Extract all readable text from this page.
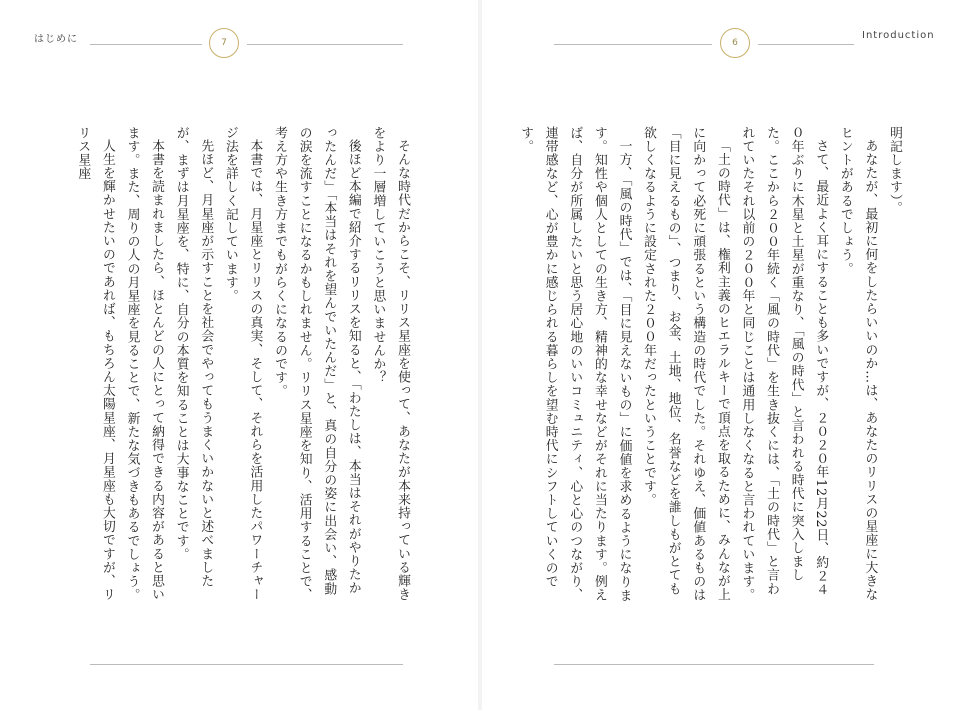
はじめに	7

そんな時代だからこそ、リリス星座を使って、あなたが本来持っている輝きをより一層増していこうと思いませんか？

後ほど本編で紹介するリリスを知ると、「わたしは、本当はそれがやりたかったんだ」「本当はそれを望んでいたんだ」と、真の自分の姿に出会い、感動の涙を流すことになるかもしれません。リリス星座を知り、活用することで、考え方や生き方までもがらくになるのです。

本書では、月星座とリリスの真実、そして、それらを活用したパワーチャージ法を詳しく記しています。

先ほど、月星座が示すことを社会でやってもうまくいかないと述べましたが、まずは月星座を、特に、自分の本質を知ることは大事なことです。

本書を読まれましたら、ほとんどの人にとって納得できる内容があると思います。また、周りの人の月星座を見ることで、新たな気づきもあるでしょう。

人生を輝かせたいのであれば、もちろん太陽星座、月星座も大切ですが、リリス星座

6
Introduction

明記します）。

あなたが、最初に何をしたらいいのか…は、あなたのリリスの星座に大きなヒントがあるでしょう。

さて、最近よく耳にすることも多いですが、２０２０年12月22日、約２４０年ぶりに木星と土星が重なり、「風の時代」と言われる時代に突入しました。ここから２００年続く「風の時代」を生き抜くには、「土の時代」と言われていたそれ以前の２００年と同じことは通用しなくなると言われています。

「土の時代」は、権利主義のヒエラルキーで頂点を取るために、みんなが上に向かって必死に頑張るという構造の時代でした。それゆえ、価値あるものは「目に見えるもの」、つまり、お金、土地、地位、名誉などを誰しもがとても欲しくなるように設定された２００年だったということです。

一方、「風の時代」では、「目に見えないもの」に価値を求めるようになります。知性や個人としての生き方、精神的な幸せなどがそれに当たります。例えば、自分が所属したいと思う居心地のいいコミュニティ、心と心のつながり、連帯感など、心が豊かに感じられる暮らしを望む時代にシフトしていくのです。
